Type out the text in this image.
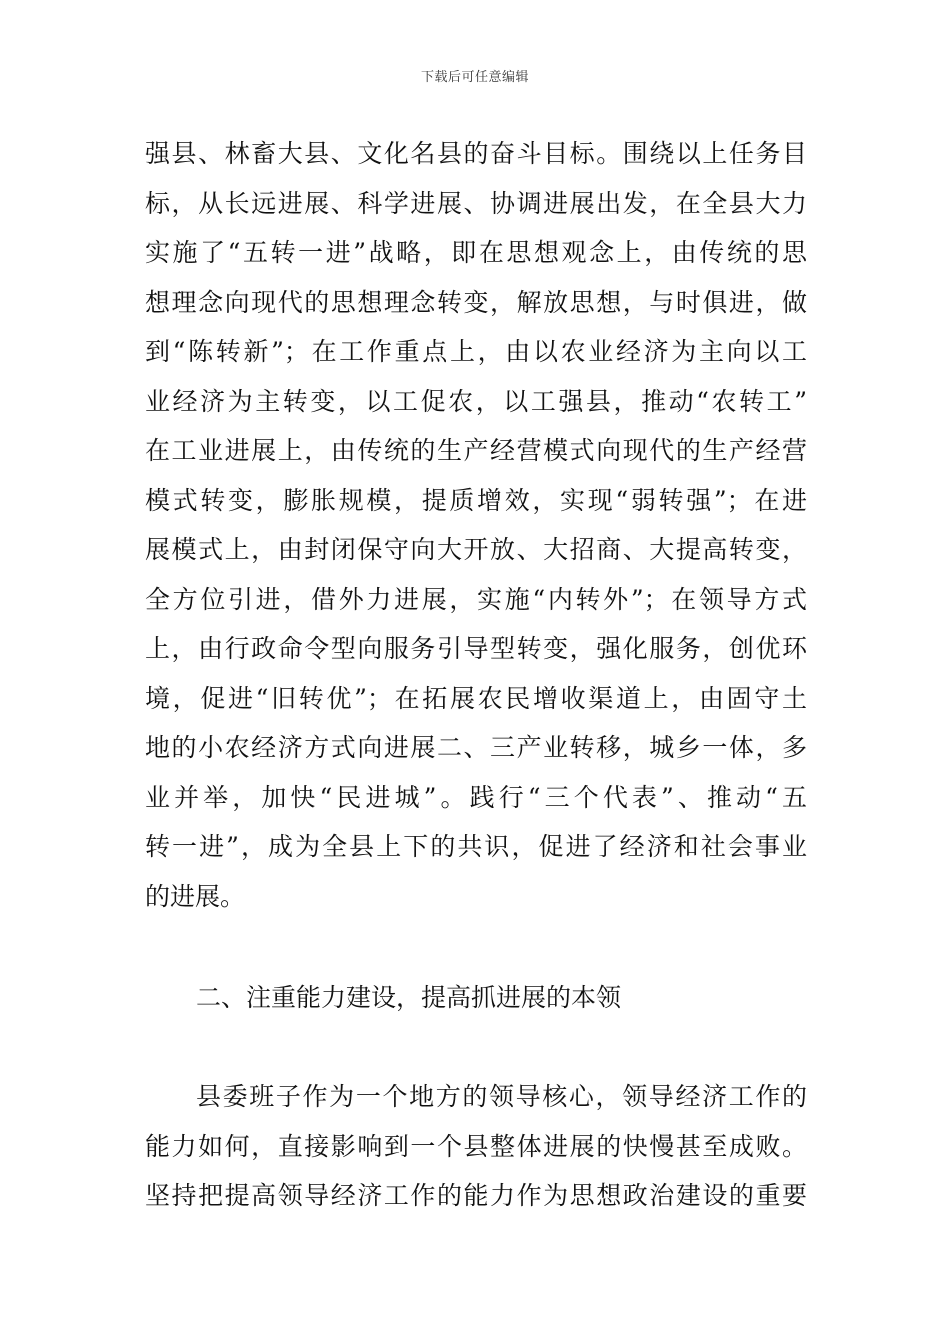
下载后可任意编辑
强县、林畜大县、文化名县的奋斗目标。围绕以上任务目
标，从长远进展、科学进展、协调进展出发，在全县大力
实施了“五转一进”战略，即在思想观念上，由传统的思
想理念向现代的思想理念转变，解放思想，与时俱进，做
到“陈转新”；在工作重点上，由以农业经济为主向以工
业经济为主转变，以工促农，以工强县，推动“农转工”
在工业进展上，由传统的生产经营模式向现代的生产经营
模式转变，膨胀规模，提质增效，实现“弱转强”；在进
展模式上，由封闭保守向大开放、大招商、大提高转变，
全方位引进，借外力进展，实施“内转外”；在领导方式
上，由行政命令型向服务引导型转变，强化服务，创优环
境，促进“旧转优”；在拓展农民增收渠道上，由固守土
地的小农经济方式向进展二、三产业转移，城乡一体，多
业并举，加快“民进城”。践行“三个代表”、推动“五
转一进”，成为全县上下的共识，促进了经济和社会事业
的进展。
二、注重能力建设，提高抓进展的本领
县委班子作为一个地方的领导核心，领导经济工作的
能力如何，直接影响到一个县整体进展的快慢甚至成败。
坚持把提高领导经济工作的能力作为思想政治建设的重要
